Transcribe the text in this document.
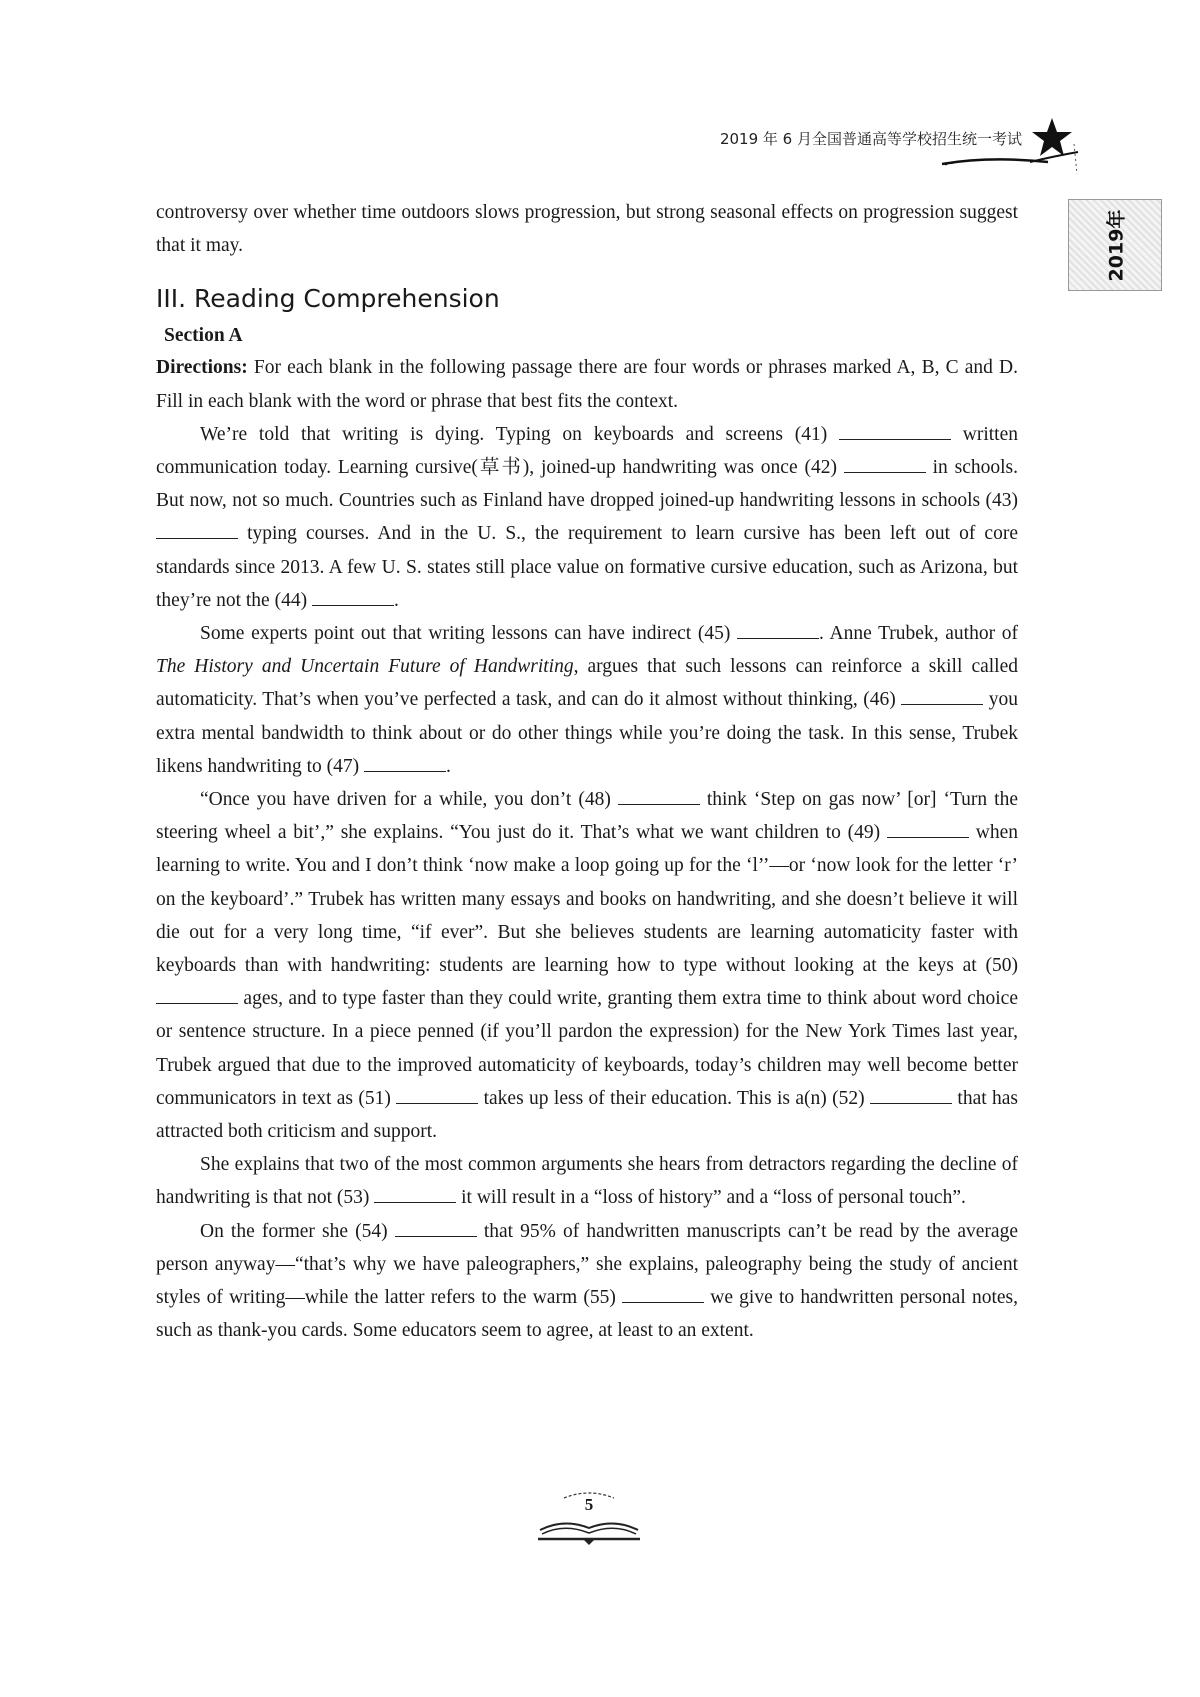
2019 年 6 月全国普通高等学校招生统一考试
2019年

controversy over whether time outdoors slows progression, but strong seasonal effects on progression suggest that it may.

III. Reading Comprehension
Section A

Directions: For each blank in the following passage there are four words or phrases marked A, B, C and D. Fill in each blank with the word or phrase that best fits the context.

We’re told that writing is dying. Typing on keyboards and screens (41)	written communication today. Learning cursive(草书), joined-up handwriting was once (42)	in schools. But now, not so much. Countries such as Finland have dropped joined-up handwriting lessons in schools (43)  typing courses. And in the U. S., the requirement to learn cursive has been left out of core standards since 2013. A few U. S. states still place value on formative cursive education, such as Arizona, but they’re not the (44)	.

Some experts point out that writing lessons can have indirect (45)	. Anne Trubek, author of The History and Uncertain Future of Handwriting, argues that such lessons can reinforce a skill called automaticity. That’s when you’ve perfected a task, and can do it almost without thinking, (46)	you extra mental bandwidth to think about or do other things while you’re doing the task. In this sense, Trubek likens handwriting to (47)	.

“Once you have driven for a while, you don’t (48)	think ‘Step on gas now’ [or] ‘Turn the steering wheel a bit’,” she explains. “You just do it. That’s what we want children to (49)	when learning to write. You and I don’t think ‘now make a loop going up for the ‘l’’—or ‘now look for the letter ‘r’ on the keyboard’.” Trubek has written many essays and books on handwriting, and she doesn’t believe it will die out for a very long time, “if ever”. But she believes students are learning automaticity faster with keyboards than with handwriting: students are learning how to type without looking at the keys at (50)  ages, and to type faster than they could write, granting them extra time to think about word choice or sentence structure. In a piece penned (if you’ll pardon the expression) for the New York Times last year, Trubek argued that due to the improved automaticity of keyboards, today’s children may well become better communicators in text as (51)	takes up less of their education. This is a(n) (52)	that has attracted both criticism and support.

She explains that two of the most common arguments she hears from detractors regarding the decline of handwriting is that not (53)	it will result in a “loss of history” and a “loss of personal touch”.

On the former she (54)	that 95% of handwritten manuscripts can’t be read by the average person anyway—“that’s why we have paleographers,” she explains, paleography being the study of ancient styles of writing—while the latter refers to the warm (55)	we give to handwritten personal notes, such as thank-you cards. Some educators seem to agree, at least to an extent.

5
